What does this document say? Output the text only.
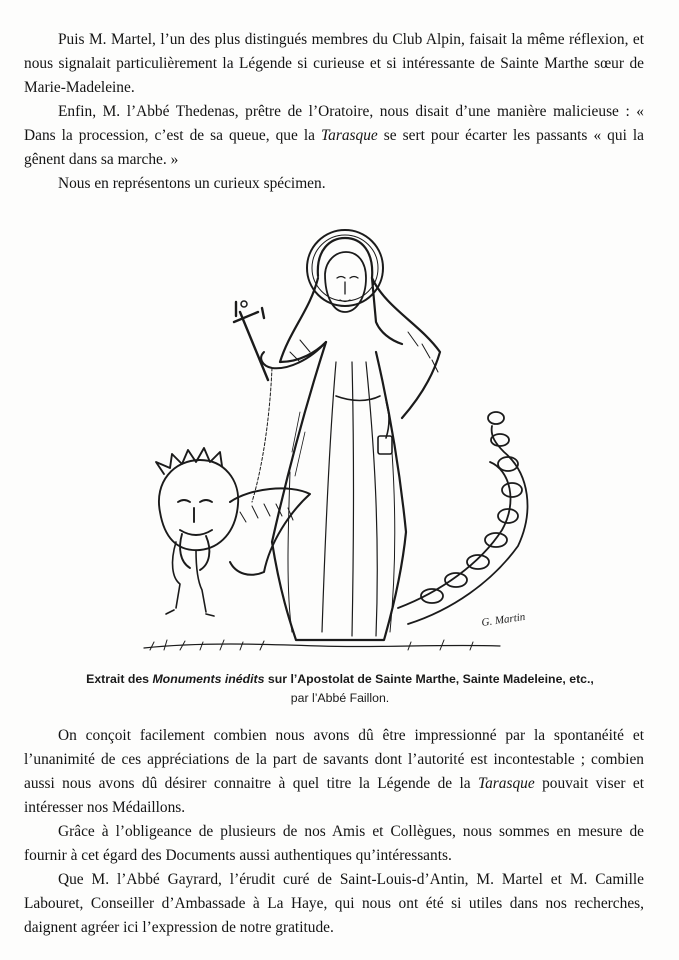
Puis M. Martel, l’un des plus distingués membres du Club Alpin, faisait la même réflexion, et nous signalait particulièrement la Légende si curieuse et si intéressante de Sainte Marthe sœur de Marie-Madeleine.

Enfin, M. l’Abbé Thedenas, prêtre de l’Oratoire, nous disait d’une manière malicieuse : « Dans la procession, c’est de sa queue, que la Tarasque se sert pour écarter les passants « qui la gênent dans sa marche. »

Nous en représentons un curieux spécimen.

G. Martin
Extrait des Monuments inédits sur l’Apostolat de Sainte Marthe, Sainte Madeleine, etc.,
par l’Abbé Faillon.

On conçoit facilement combien nous avons dû être impressionné par la spontanéité et l’unanimité de ces appréciations de la part de savants dont l’autorité est incontestable ; combien aussi nous avons dû désirer connaitre à quel titre la Légende de la Tarasque pouvait viser et intéresser nos Médaillons.

Grâce à l’obligeance de plusieurs de nos Amis et Collègues, nous sommes en mesure de fournir à cet égard des Documents aussi authentiques qu’intéressants.

Que M. l’Abbé Gayrard, l’érudit curé de Saint-Louis-d’Antin, M. Martel et M. Camille Labouret, Conseiller d’Ambassade à La Haye, qui nous ont été si utiles dans nos recherches, daignent agréer ici l’expression de notre gratitude.
